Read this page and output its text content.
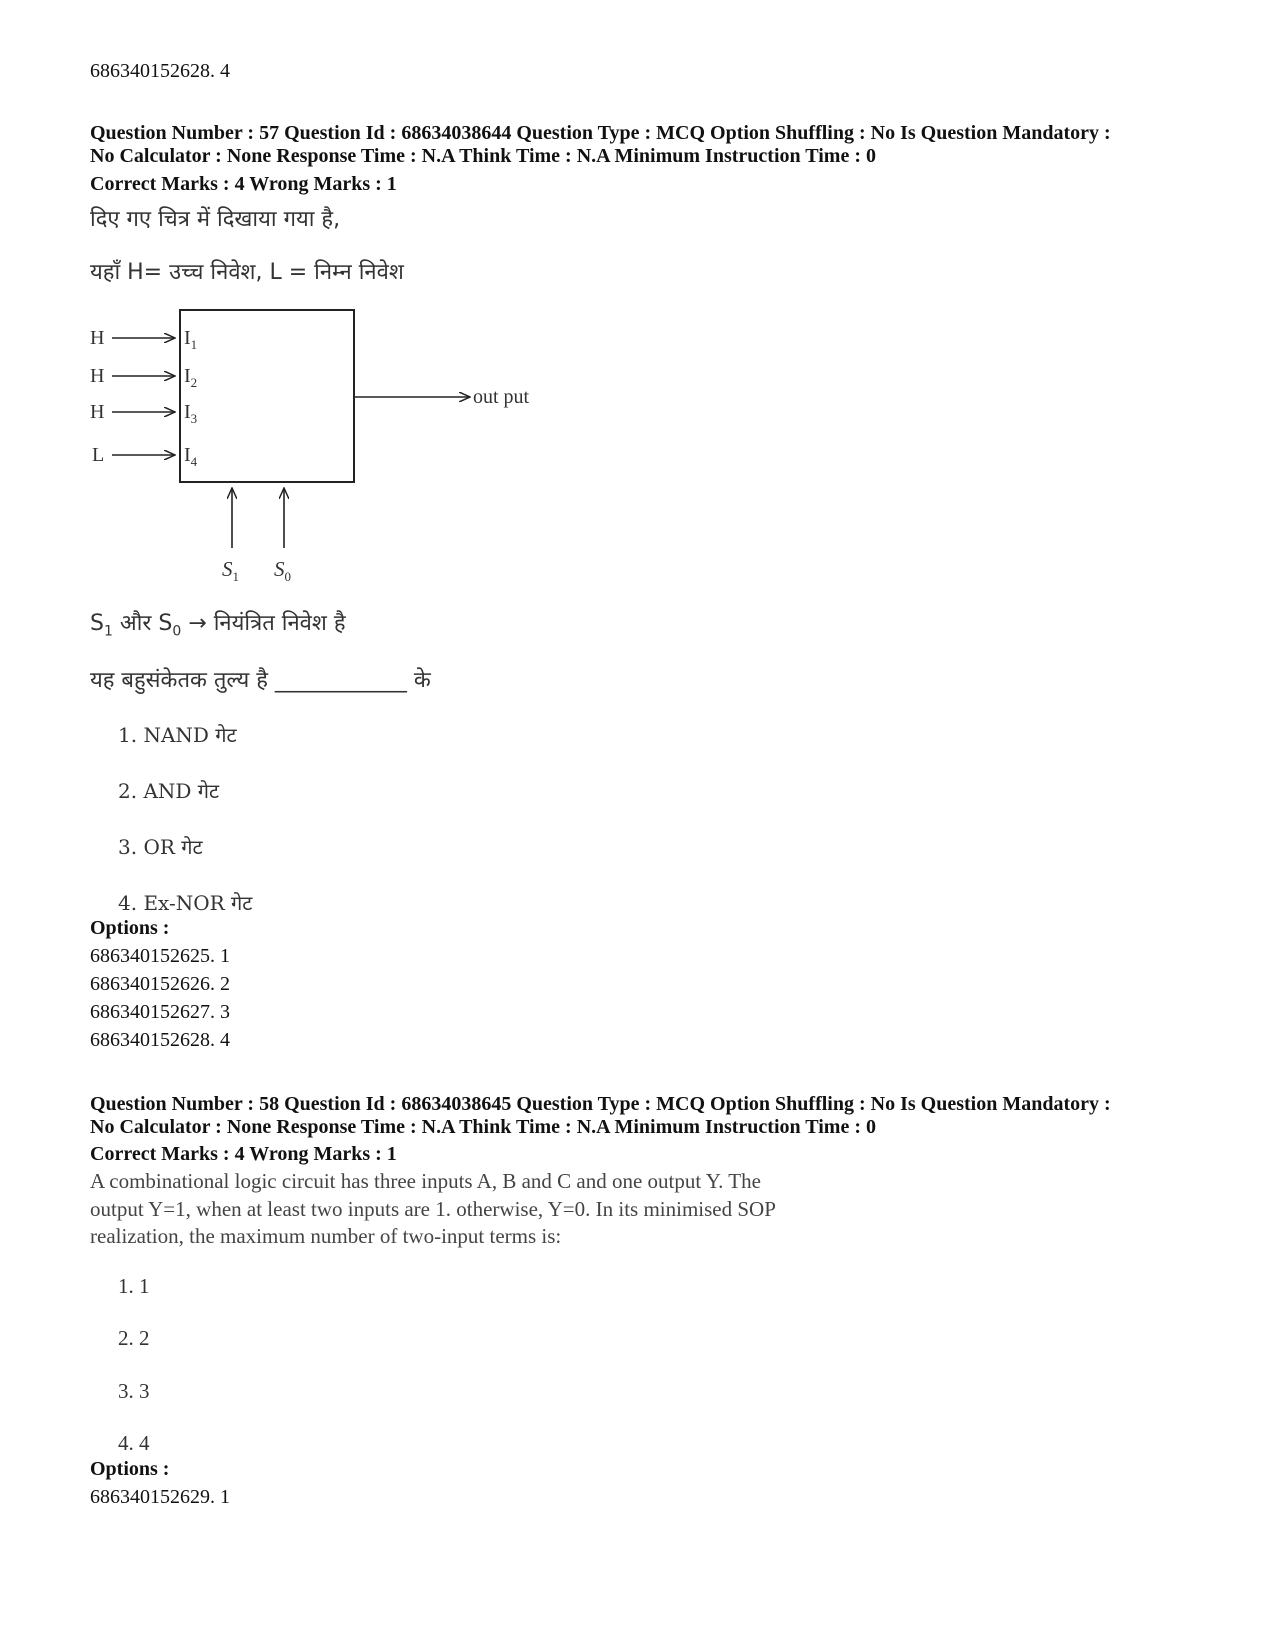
686340152628. 4
Question Number : 57 Question Id : 68634038644 Question Type : MCQ Option Shuffling : No Is Question Mandatory :
No Calculator : None Response Time : N.A Think Time : N.A Minimum Instruction Time : 0
Correct Marks : 4 Wrong Marks : 1
दिए गए चित्र में दिखाया गया है,
यहाँ H= उच्च निवेश, L = निम्न निवेश
H
H
H
L
$I_1$
$I_2$
$I_3$
$I_4$
out put
$S_1$ $S_0$
$S_1$ और $S_0$ → नियंत्रित निवेश है
यह बहुसंकेतक तुल्य है ____________ के
1. NAND गेट
2. AND गेट
3. OR गेट
4. Ex-NOR गेट
Options :
686340152625. 1
686340152626. 2
686340152627. 3
686340152628. 4
Question Number : 58 Question Id : 68634038645 Question Type : MCQ Option Shuffling : No Is Question Mandatory :
No Calculator : None Response Time : N.A Think Time : N.A Minimum Instruction Time : 0
Correct Marks : 4 Wrong Marks : 1
A combinational logic circuit has three inputs A, B and C and one output Y. The
output Y=1, when at least two inputs are 1. otherwise, Y=0. In its minimised SOP
realization, the maximum number of two-input terms is:
1. 1
2. 2
3. 3
4. 4
Options :
686340152629. 1
